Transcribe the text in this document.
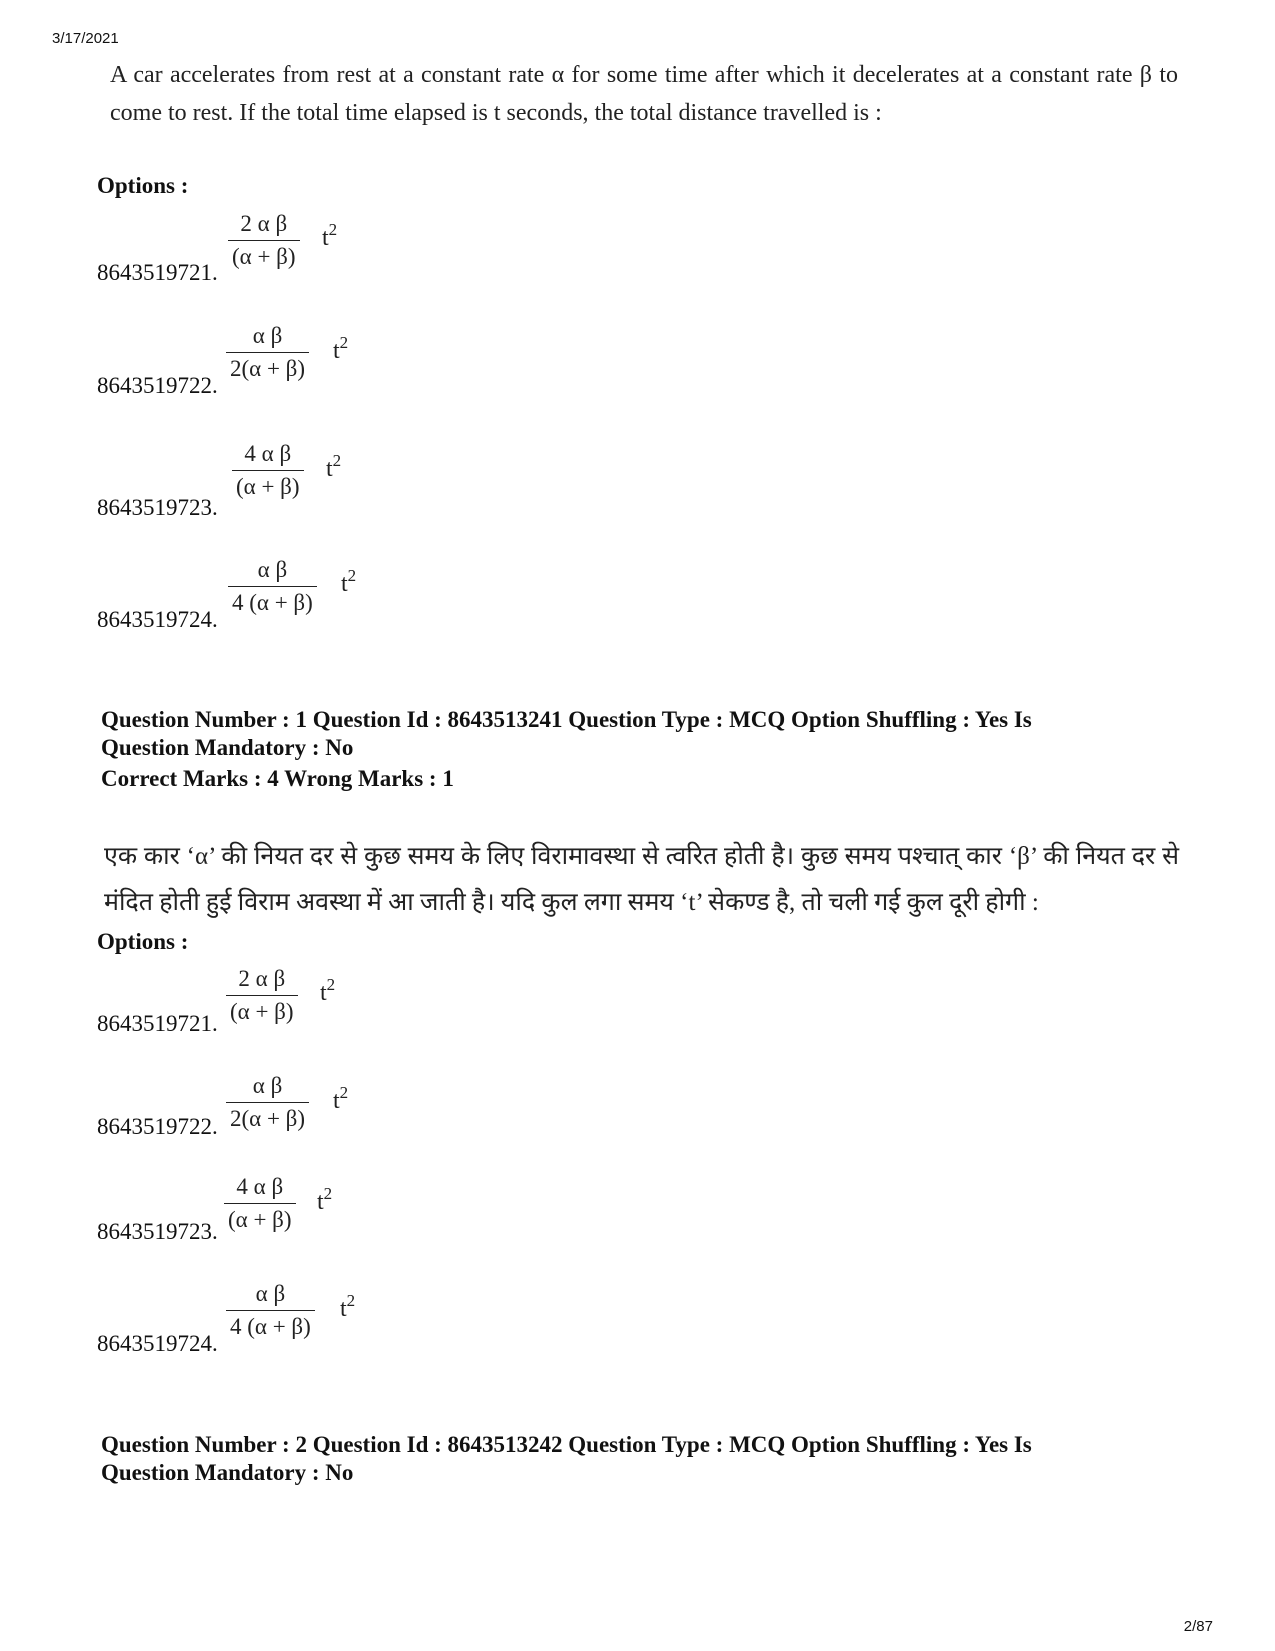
3/17/2021
2/87
A car accelerates from rest at a constant rate α for some time after which it decelerates at a constant rate β to come to rest. If the total time elapsed is t seconds, the total distance travelled is :
Options :
8643519721.
$\frac{\text{2 α β}}{(\alpha + \beta)} t^2$
8643519722.
$\frac{\text{α β}}{2(\alpha + \beta)} t^2$
8643519723.
$\frac{\text{4 α β}}{(\alpha + \beta)} t^2$
8643519724.
$\frac{\text{α β}}{4 (\alpha + \beta)} t^2$
Question Number : 1 Question Id : 8643513241 Question Type : MCQ Option Shuffling : Yes Is
Question Mandatory : No
Correct Marks : 4 Wrong Marks : 1
एक कार ‘α’ की नियत दर से कुछ समय के लिए विरामावस्था से त्वरित होती है। कुछ समय पश्चात् कार ‘β’ की नियत दर से मंदित होती हुई विराम अवस्था में आ जाती है। यदि कुल लगा समय ‘t’ सेकण्ड है, तो चली गई कुल दूरी होगी :
Options :
8643519721. $\frac{\text{2 α β}}{(\alpha + \beta)} t^2$
8643519722. $\frac{\text{α β}}{2(\alpha + \beta)} t^2$
8643519723. $\frac{\text{4 α β}}{(\alpha + \beta)} t^2$
8643519724.
$\frac{\text{α β}}{4 (\alpha + \beta)} t^2$
Question Number : 2 Question Id : 8643513242 Question Type : MCQ Option Shuffling : Yes Is
Question Mandatory : No
